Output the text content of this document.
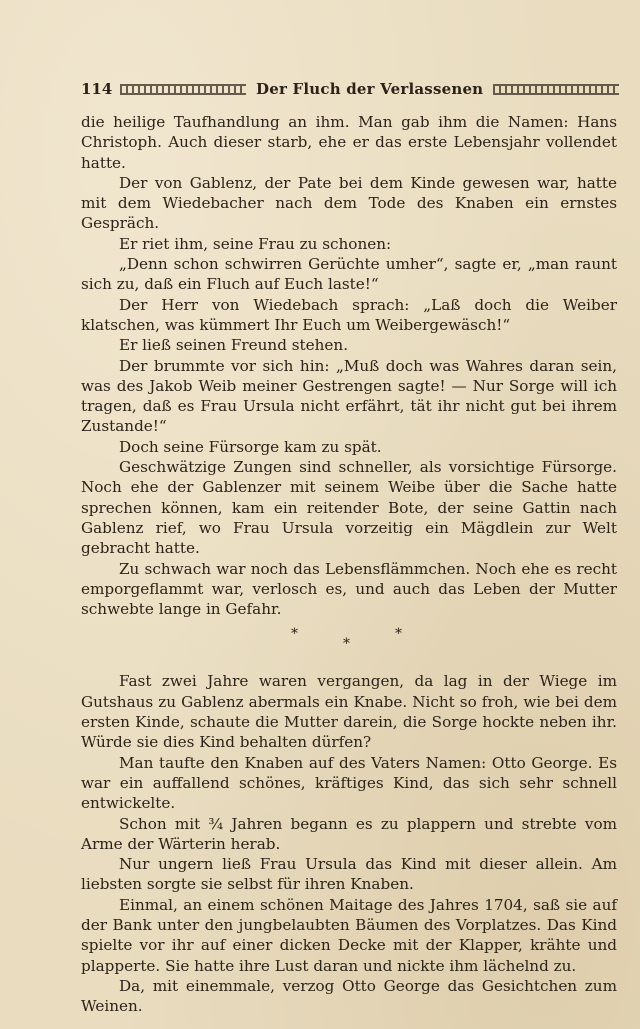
114	Der Fluch der Verlassenen

die heilige Taufhandlung an ihm. Man gab ihm die Namen: Hans Christoph. Auch dieser starb, ehe er das erste Lebensjahr vollendet hatte.

Der von Gablenz, der Pate bei dem Kinde gewesen war, hatte mit dem Wiedebacher nach dem Tode des Knaben ein ernstes Gespräch.

Er riet ihm, seine Frau zu schonen:

„Denn schon schwirren Gerüchte umher“, sagte er, „man raunt sich zu, daß ein Fluch auf Euch laste!“

Der Herr von Wiedebach sprach: „Laß doch die Weiber klatschen, was kümmert Ihr Euch um Weibergewäsch!“

Er ließ seinen Freund stehen.

Der brummte vor sich hin: „Muß doch was Wahres daran sein, was des Jakob Weib meiner Gestrengen sagte! — Nur Sorge will ich tragen, daß es Frau Ursula nicht erfährt, tät ihr nicht gut bei ihrem Zustande!“

Doch seine Fürsorge kam zu spät.

Geschwätzige Zungen sind schneller, als vorsichtige Fürsorge. Noch ehe der Gablenzer mit seinem Weibe über die Sache hatte sprechen können, kam ein reitender Bote, der seine Gattin nach Gablenz rief, wo Frau Ursula vorzeitig ein Mägdlein zur Welt gebracht hatte.

Zu schwach war noch das Lebensflämmchen. Noch ehe es recht emporgeflammt war, verlosch es, und auch das Leben der Mutter schwebte lange in Gefahr.

*
*
*

Fast zwei Jahre waren vergangen, da lag in der Wiege im Gutshaus zu Gablenz abermals ein Knabe. Nicht so froh, wie bei dem ersten Kinde, schaute die Mutter darein, die Sorge hockte neben ihr. Würde sie dies Kind behalten dürfen?

Man taufte den Knaben auf des Vaters Namen: Otto George. Es war ein auffallend schönes, kräftiges Kind, das sich sehr schnell entwickelte.

Schon mit ¾ Jahren begann es zu plappern und strebte vom Arme der Wärterin herab.

Nur ungern ließ Frau Ursula das Kind mit dieser allein. Am liebsten sorgte sie selbst für ihren Knaben.

Einmal, an einem schönen Maitage des Jahres 1704, saß sie auf der Bank unter den jungbelaubten Bäumen des Vorplatzes. Das Kind spielte vor ihr auf einer dicken Decke mit der Klapper, krähte und plapperte. Sie hatte ihre Lust daran und nickte ihm lächelnd zu.

Da, mit einemmale, verzog Otto George das Gesichtchen zum Weinen.
